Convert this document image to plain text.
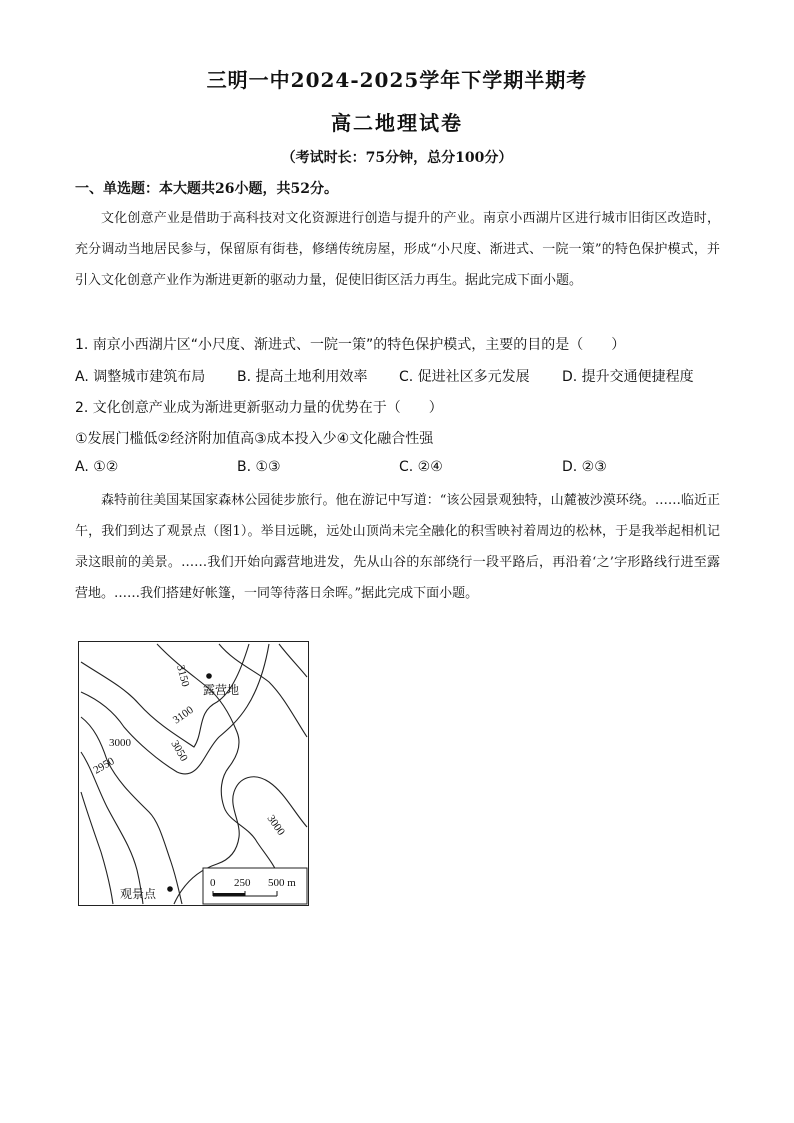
三明一中2024-2025学年下学期半期考
高二地理试卷
（考试时长：75分钟，总分100分）
一、单选题：本大题共26小题，共52分。
文化创意产业是借助于高科技对文化资源进行创造与提升的产业。南京小西湖片区进行城市旧街区改造时，充分调动当地居民参与，保留原有街巷，修缮传统房屋，形成“小尺度、渐进式、一院一策”的特色保护模式，并引入文化创意产业作为渐进更新的驱动力量，促使旧街区活力再生。据此完成下面小题。
1. 南京小西湖片区“小尺度、渐进式、一院一策”的特色保护模式，主要的目的是（　　）
A. 调整城市建筑布局 B. 提高土地利用效率 C. 促进社区多元发展 D. 提升交通便捷程度
2. 文化创意产业成为渐进更新驱动力量的优势在于（　　）
①发展门槛低②经济附加值高③成本投入少④文化融合性强
A. ①②	B. ①③	C. ②④	D. ②③
森特前往美国某国家森林公园徒步旅行。他在游记中写道：“该公园景观独特，山麓被沙漠环绕。……临近正午，我们到达了观景点（图1）。举目远眺，远处山顶尚未完全融化的积雪映衬着周边的松林，于是我举起相机记录这眼前的美景。……我们开始向露营地进发，先从山谷的东部绕行一段平路后，再沿着‘之’字形路线行进至露营地。……我们搭建好帐篷，一同等待落日余晖。”据此完成下面小题。
3150
3100
3050
3000
2950
3000
露营地
观景点
0 250 500 m
